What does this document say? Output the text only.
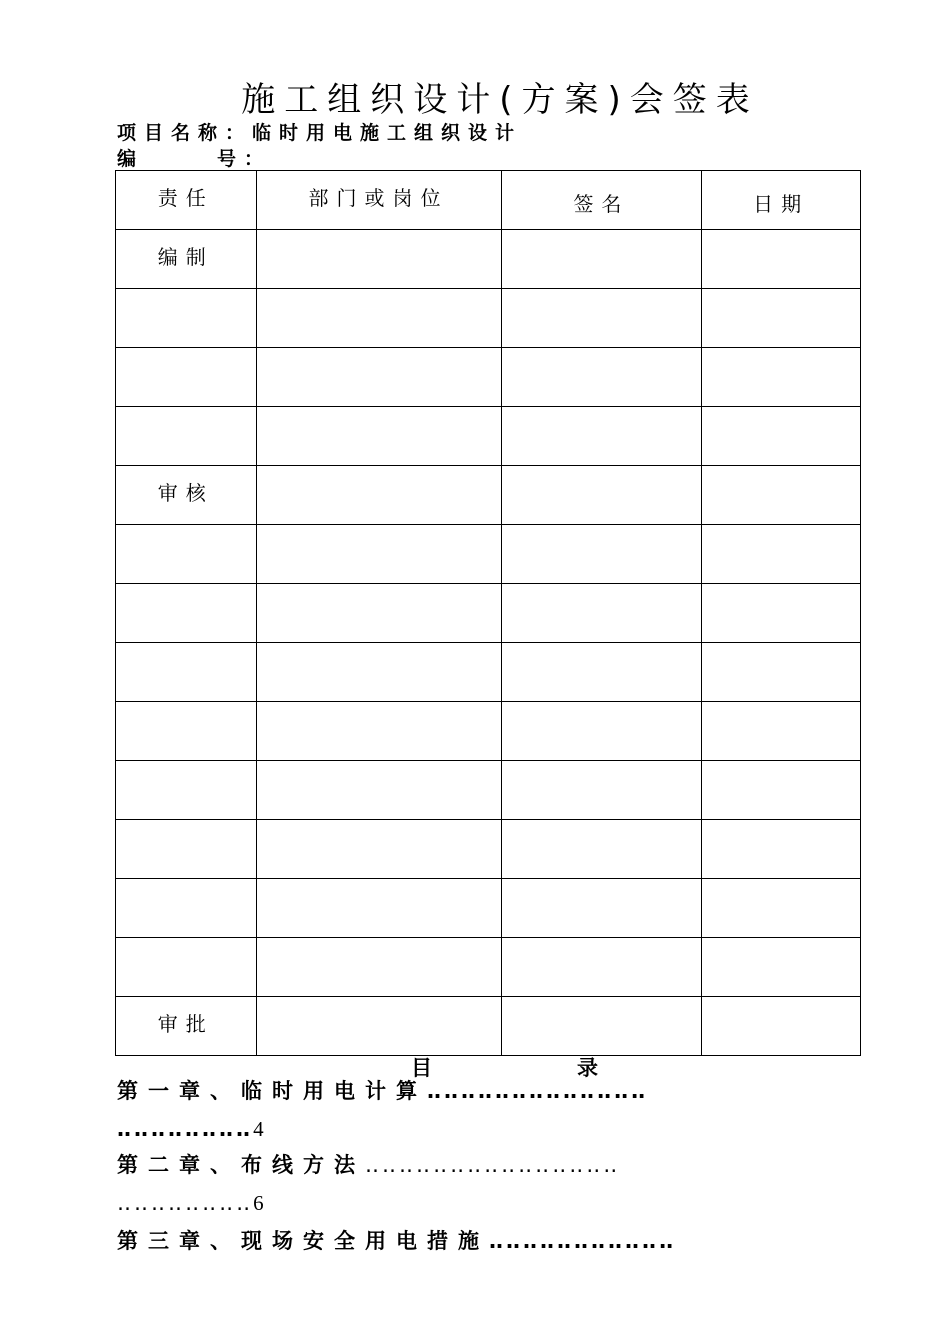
施工组织设计(方案)会签表
项目名称：临时用电施工组织设计
编	号：
责任	部门或岗位	签名	日期

编制			

审核			

审批			

目	录
第一章、临时用电计算‥‥‥‥‥‥‥‥‥‥‥‥‥
‥‥‥‥‥‥‥‥4
第二章、布线方法‥‥‥‥‥‥‥‥‥‥‥‥‥‥‥
‥‥‥‥‥‥‥‥6
第三章、现场安全用电措施‥‥‥‥‥‥‥‥‥‥‥
